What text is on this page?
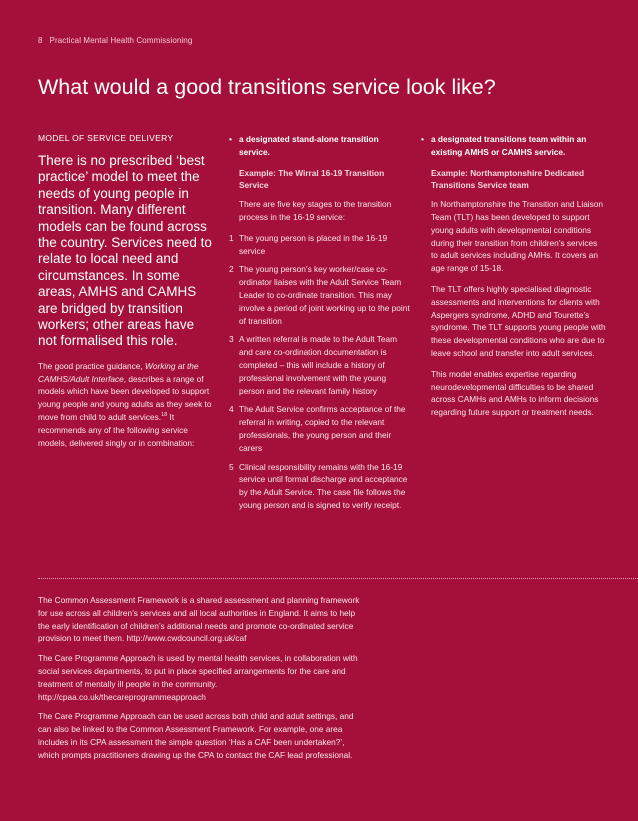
8 Practical Mental Health Commissioning
What would a good transitions service look like?

MODEL OF SERVICE DELIVERY

There is no prescribed ‘best practice’ model to meet the needs of young people in transition. Many different models can be found across the country. Services need to relate to local need and circumstances. In some areas, AMHS and CAMHS are bridged by transition workers; other areas have not formalised this role.

The good practice guidance, Working at the CAMHS/Adult Interface, describes a range of models which have been developed to support young people and young adults as they seek to move from child to adult services.$^{18}$ It recommends any of the following service models, delivered singly or in combination:

• a designated stand-alone transition service.

Example: The Wirral 16-19 Transition Service

There are five key stages to the transition process in the 16-19 service:

1 The young person is placed in the 16-19 service
2 The young person’s key worker/case co-ordinator liaises with the Adult Service Team Leader to co-ordinate transition. This may involve a period of joint working up to the point of transition
3 A written referral is made to the Adult Team and care co-ordination documentation is completed – this will include a history of professional involvement with the young person and the relevant family history
4 The Adult Service confirms acceptance of the referral in writing, copied to the relevant professionals, the young person and their carers
5 Clinical responsibility remains with the 16-19 service until formal discharge and acceptance by the Adult Service. The case file follows the young person and is signed to verify receipt.

• a designated transitions team within an existing AMHS or CAMHS service.

Example: Northamptonshire Dedicated Transitions Service team

In Northamptonshire the Transition and Liaison Team (TLT) has been developed to support young adults with developmental conditions during their transition from children’s services to adult services including AMHs. It covers an age range of 15-18.

The TLT offers highly specialised diagnostic assessments and interventions for clients with Aspergers syndrome, ADHD and Tourette’s syndrome. The TLT supports young people with these developmental conditions who are due to leave school and transfer into adult services.

This model enables expertise regarding neurodevelopmental difficulties to be shared across CAMHs and AMHs to inform decisions regarding future support or treatment needs.

The Common Assessment Framework is a shared assessment and planning framework for use across all children’s services and all local authorities in England. It aims to help the early identification of children’s additional needs and promote co-ordinated service provision to meet them. http://www.cwdcouncil.org.uk/caf

The Care Programme Approach is used by mental health services, in collaboration with social services departments, to put in place specified arrangements for the care and treatment of mentally ill people in the community. http://cpaa.co.uk/thecareprogrammeapproach

The Care Programme Approach can be used across both child and adult settings, and can also be linked to the Common Assessment Framework. For example, one area includes in its CPA assessment the simple question ‘Has a CAF been undertaken?’, which prompts practitioners drawing up the CPA to contact the CAF lead professional.
